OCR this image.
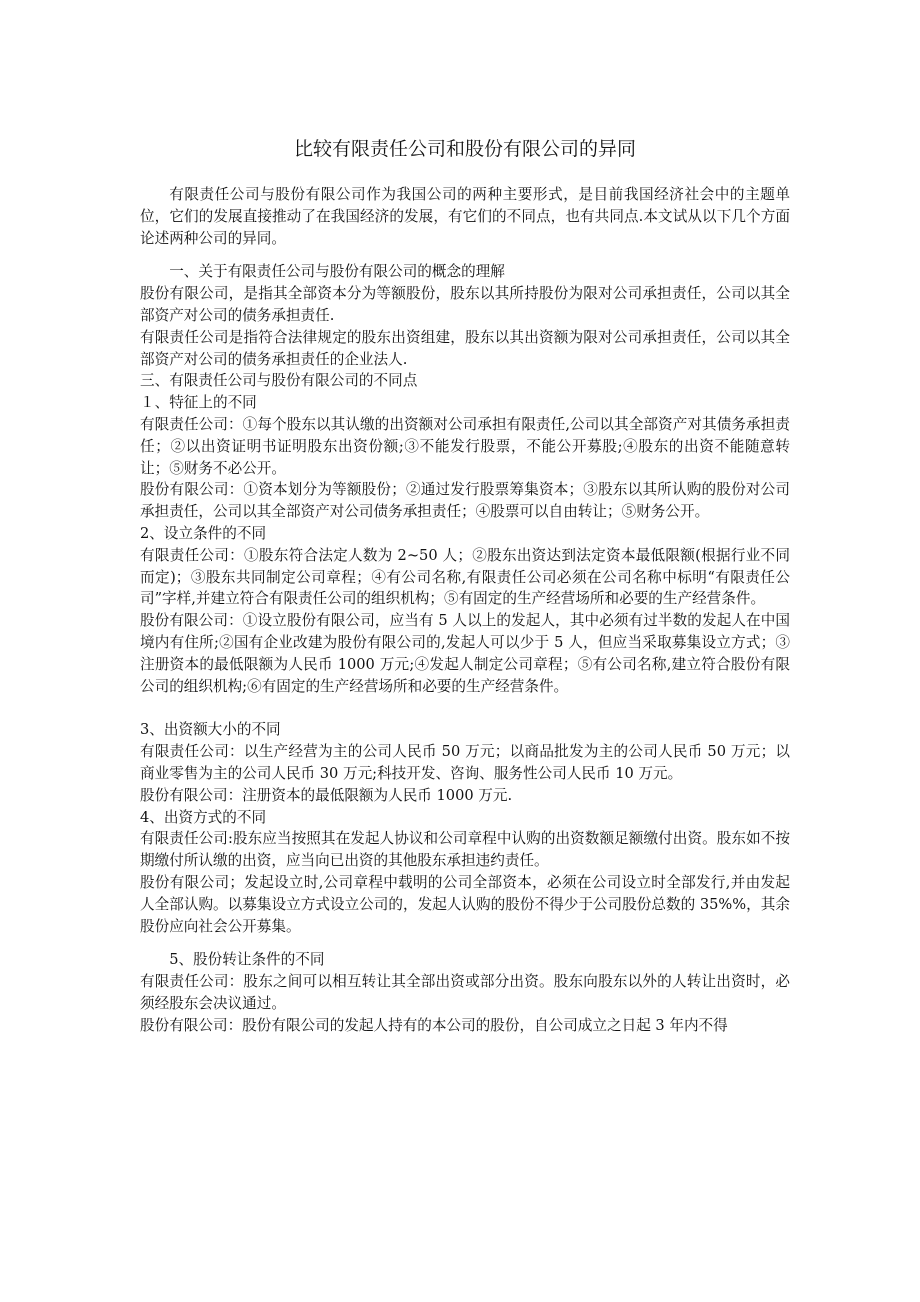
比较有限责任公司和股份有限公司的异同

有限责任公司与股份有限公司作为我国公司的两种主要形式，是目前我国经济社会中的主题单位，它们的发展直接推动了在我国经济的发展，有它们的不同点，也有共同点.本文试从以下几个方面论述两种公司的异同。

一、关于有限责任公司与股份有限公司的概念的理解

股份有限公司，是指其全部资本分为等额股份，股东以其所持股份为限对公司承担责任，公司以其全部资产对公司的债务承担责任.

有限责任公司是指符合法律规定的股东出资组建，股东以其出资额为限对公司承担责任，公司以其全部资产对公司的债务承担责任的企业法人.

三、有限责任公司与股份有限公司的不同点

１、特征上的不同

有限责任公司：①每个股东以其认缴的出资额对公司承担有限责任,公司以其全部资产对其债务承担责任；②以出资证明书证明股东出资份额;③不能发行股票，不能公开募股;④股东的出资不能随意转让；⑤财务不必公开。

股份有限公司：①资本划分为等额股份；②通过发行股票筹集资本；③股东以其所认购的股份对公司承担责任，公司以其全部资产对公司债务承担责任；④股票可以自由转让；⑤财务公开。

2、设立条件的不同

有限责任公司：①股东符合法定人数为 2~50 人；②股东出资达到法定资本最低限额(根据行业不同而定)；③股东共同制定公司章程；④有公司名称,有限责任公司必须在公司名称中标明“有限责任公司”字样,并建立符合有限责任公司的组织机构；⑤有固定的生产经营场所和必要的生产经营条件。

股份有限公司：①设立股份有限公司，应当有 5 人以上的发起人，其中必须有过半数的发起人在中国境内有住所;②国有企业改建为股份有限公司的,发起人可以少于 5 人，但应当采取募集设立方式；③注册资本的最低限额为人民币 1000 万元;④发起人制定公司章程；⑤有公司名称,建立符合股份有限公司的组织机构;⑥有固定的生产经营场所和必要的生产经营条件。

3、出资额大小的不同

有限责任公司：以生产经营为主的公司人民币 50 万元；以商品批发为主的公司人民币 50 万元；以商业零售为主的公司人民币 30 万元;科技开发、咨询、服务性公司人民币 10 万元。

股份有限公司：注册资本的最低限额为人民币 1000 万元.

4、出资方式的不同

有限责任公司:股东应当按照其在发起人协议和公司章程中认购的出资数额足额缴付出资。股东如不按期缴付所认缴的出资，应当向已出资的其他股东承担违约责任。

股份有限公司；发起设立时,公司章程中载明的公司全部资本，必须在公司设立时全部发行,并由发起人全部认购。以募集设立方式设立公司的，发起人认购的股份不得少于公司股份总数的 35%%，其余股份应向社会公开募集。

5、股份转让条件的不同

有限责任公司：股东之间可以相互转让其全部出资或部分出资。股东向股东以外的人转让出资时，必须经股东会决议通过。

股份有限公司：股份有限公司的发起人持有的本公司的股份，自公司成立之日起 3 年内不得
